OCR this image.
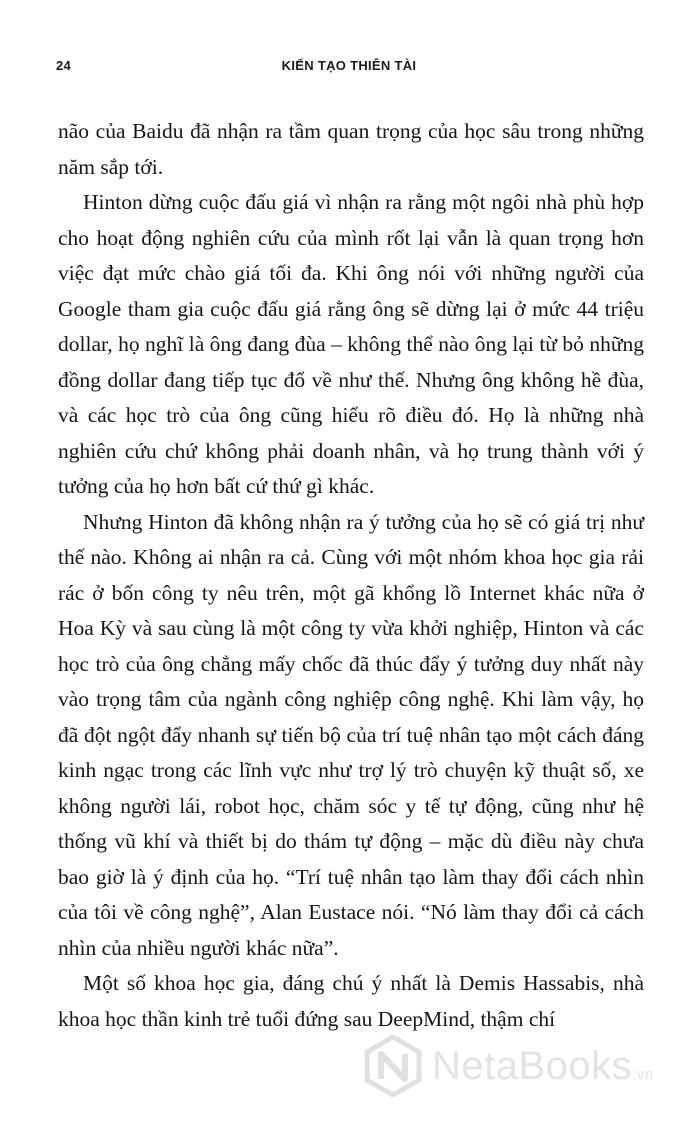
24	KIẾN TẠO THIÊN TÀI

não của Baidu đã nhận ra tầm quan trọng của học sâu trong những năm sắp tới.

Hinton dừng cuộc đấu giá vì nhận ra rằng một ngôi nhà phù hợp cho hoạt động nghiên cứu của mình rốt lại vẫn là quan trọng hơn việc đạt mức chào giá tối đa. Khi ông nói với những người của Google tham gia cuộc đấu giá rằng ông sẽ dừng lại ở mức 44 triệu dollar, họ nghĩ là ông đang đùa – không thể nào ông lại từ bỏ những đồng dollar đang tiếp tục đổ về như thế. Nhưng ông không hề đùa, và các học trò của ông cũng hiểu rõ điều đó. Họ là những nhà nghiên cứu chứ không phải doanh nhân, và họ trung thành với ý tưởng của họ hơn bất cứ thứ gì khác.

Nhưng Hinton đã không nhận ra ý tưởng của họ sẽ có giá trị như thế nào. Không ai nhận ra cả. Cùng với một nhóm khoa học gia rải rác ở bốn công ty nêu trên, một gã khổng lồ Internet khác nữa ở Hoa Kỳ và sau cùng là một công ty vừa khởi nghiệp, Hinton và các học trò của ông chẳng mấy chốc đã thúc đẩy ý tưởng duy nhất này vào trọng tâm của ngành công nghiệp công nghệ. Khi làm vậy, họ đã đột ngột đẩy nhanh sự tiến bộ của trí tuệ nhân tạo một cách đáng kinh ngạc trong các lĩnh vực như trợ lý trò chuyện kỹ thuật số, xe không người lái, robot học, chăm sóc y tế tự động, cũng như hệ thống vũ khí và thiết bị do thám tự động – mặc dù điều này chưa bao giờ là ý định của họ. “Trí tuệ nhân tạo làm thay đổi cách nhìn của tôi về công nghệ”, Alan Eustace nói. “Nó làm thay đổi cả cách nhìn của nhiều người khác nữa”.

Một số khoa học gia, đáng chú ý nhất là Demis Hassabis, nhà khoa học thần kinh trẻ tuổi đứng sau DeepMind, thậm chí

NetaBooks.vn
